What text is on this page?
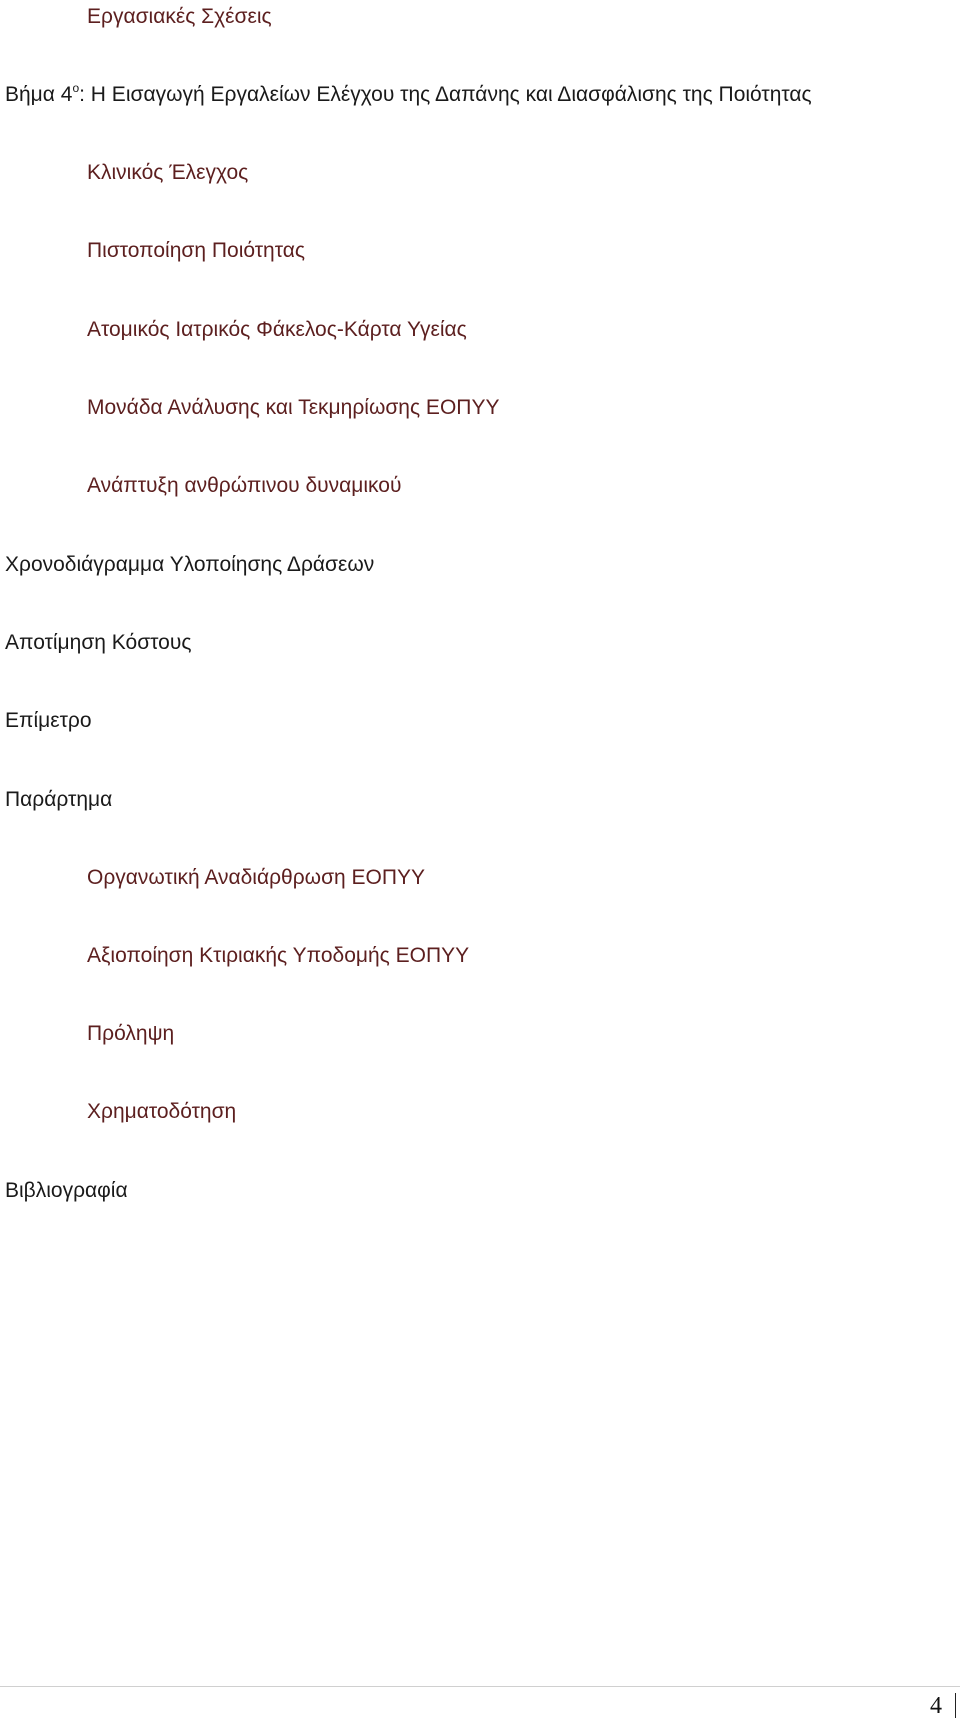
Εργασιακές Σχέσεις

Βήμα $4^o$: Η Εισαγωγή Εργαλείων Ελέγχου της Δαπάνης και Διασφάλισης της Ποιότητας

Κλινικός Έλεγχος

Πιστοποίηση Ποιότητας

Ατομικός Ιατρικός Φάκελος-Κάρτα Υγείας

Μονάδα Ανάλυσης και Τεκμηρίωσης ΕΟΠΥΥ

Ανάπτυξη ανθρώπινου δυναμικού

Χρονοδιάγραμμα Υλοποίησης Δράσεων

Αποτίμηση Κόστους

Επίμετρο

Παράρτημα

Οργανωτική Αναδιάρθρωση ΕΟΠΥΥ

Αξιοποίηση Κτιριακής Υποδομής ΕΟΠΥΥ

Πρόληψη

Χρηματοδότηση

Βιβλιογραφία

4
